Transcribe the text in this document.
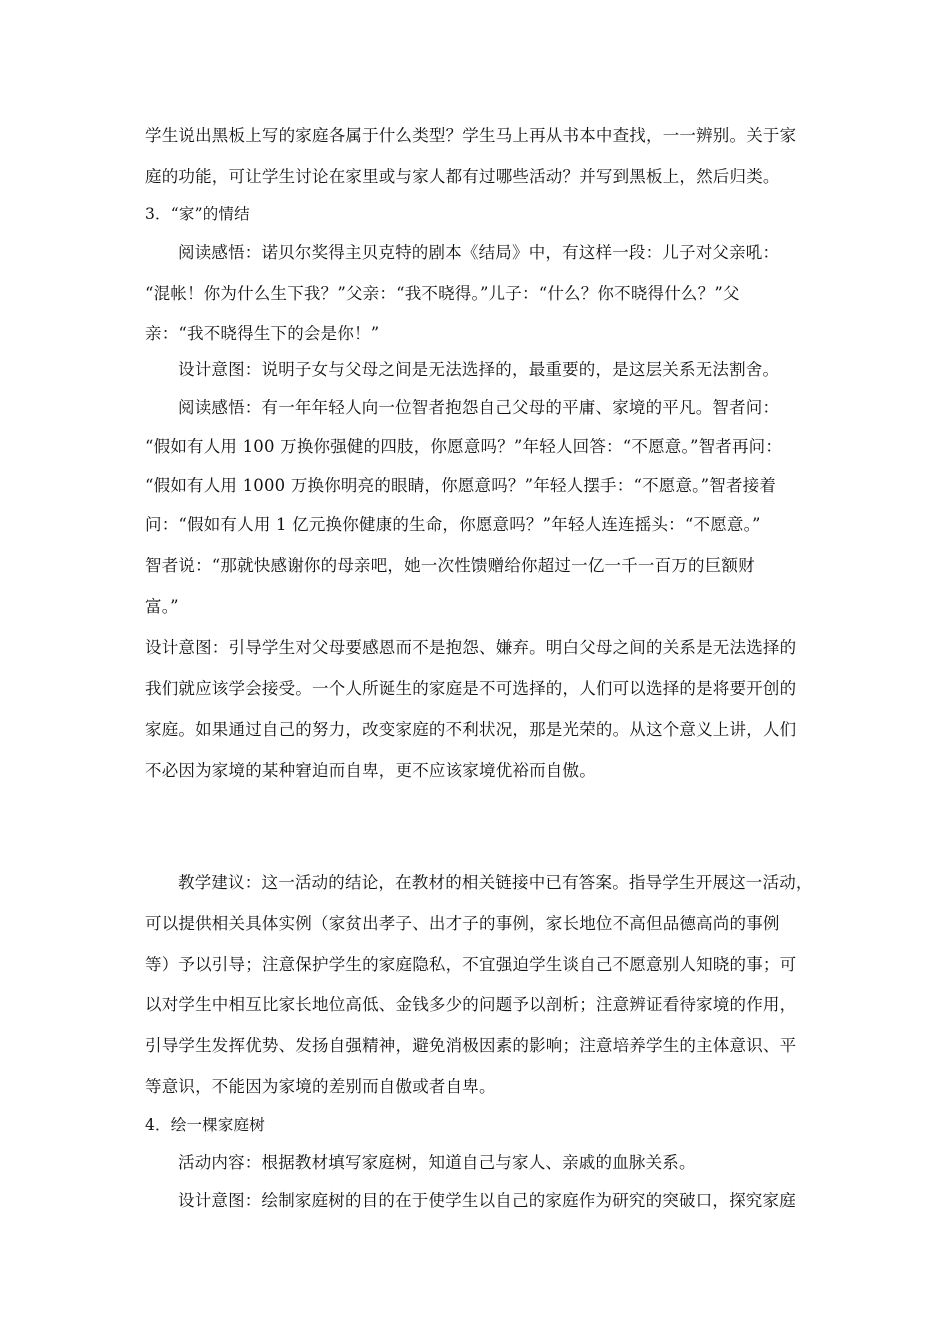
学生说出黑板上写的家庭各属于什么类型？学生马上再从书本中查找，一一辨别。关于家
庭的功能，可让学生讨论在家里或与家人都有过哪些活动？并写到黑板上，然后归类。
3．“家”的情结
阅读感悟：诺贝尔奖得主贝克特的剧本《结局》中，有这样一段：儿子对父亲吼：
“混帐！你为什么生下我？”父亲：“我不晓得。”儿子：“什么？你不晓得什么？”父
亲：“我不晓得生下的会是你！”
设计意图：说明子女与父母之间是无法选择的，最重要的，是这层关系无法割舍。
阅读感悟：有一年年轻人向一位智者抱怨自己父母的平庸、家境的平凡。智者问：
“假如有人用 100 万换你强健的四肢，你愿意吗？”年轻人回答：“不愿意。”智者再问：
“假如有人用 1000 万换你明亮的眼睛，你愿意吗？”年轻人摆手：“不愿意。”智者接着
问：“假如有人用 1 亿元换你健康的生命，你愿意吗？”年轻人连连摇头：“不愿意。”
智者说：“那就快感谢你的母亲吧，她一次性馈赠给你超过一亿一千一百万的巨额财
富。”
设计意图：引导学生对父母要感恩而不是抱怨、嫌弃。明白父母之间的关系是无法选择的
我们就应该学会接受。一个人所诞生的家庭是不可选择的，人们可以选择的是将要开创的
家庭。如果通过自己的努力，改变家庭的不利状况，那是光荣的。从这个意义上讲，人们
不必因为家境的某种窘迫而自卑，更不应该家境优裕而自傲。
教学建议：这一活动的结论，在教材的相关链接中已有答案。指导学生开展这一活动，
可以提供相关具体实例（家贫出孝子、出才子的事例，家长地位不高但品德高尚的事例
等）予以引导；注意保护学生的家庭隐私，不宜强迫学生谈自己不愿意别人知晓的事；可
以对学生中相互比家长地位高低、金钱多少的问题予以剖析；注意辨证看待家境的作用，
引导学生发挥优势、发扬自强精神，避免消极因素的影响；注意培养学生的主体意识、平
等意识，不能因为家境的差别而自傲或者自卑。
4．绘一棵家庭树
活动内容：根据教材填写家庭树，知道自己与家人、亲戚的血脉关系。
设计意图：绘制家庭树的目的在于使学生以自己的家庭作为研究的突破口，探究家庭
